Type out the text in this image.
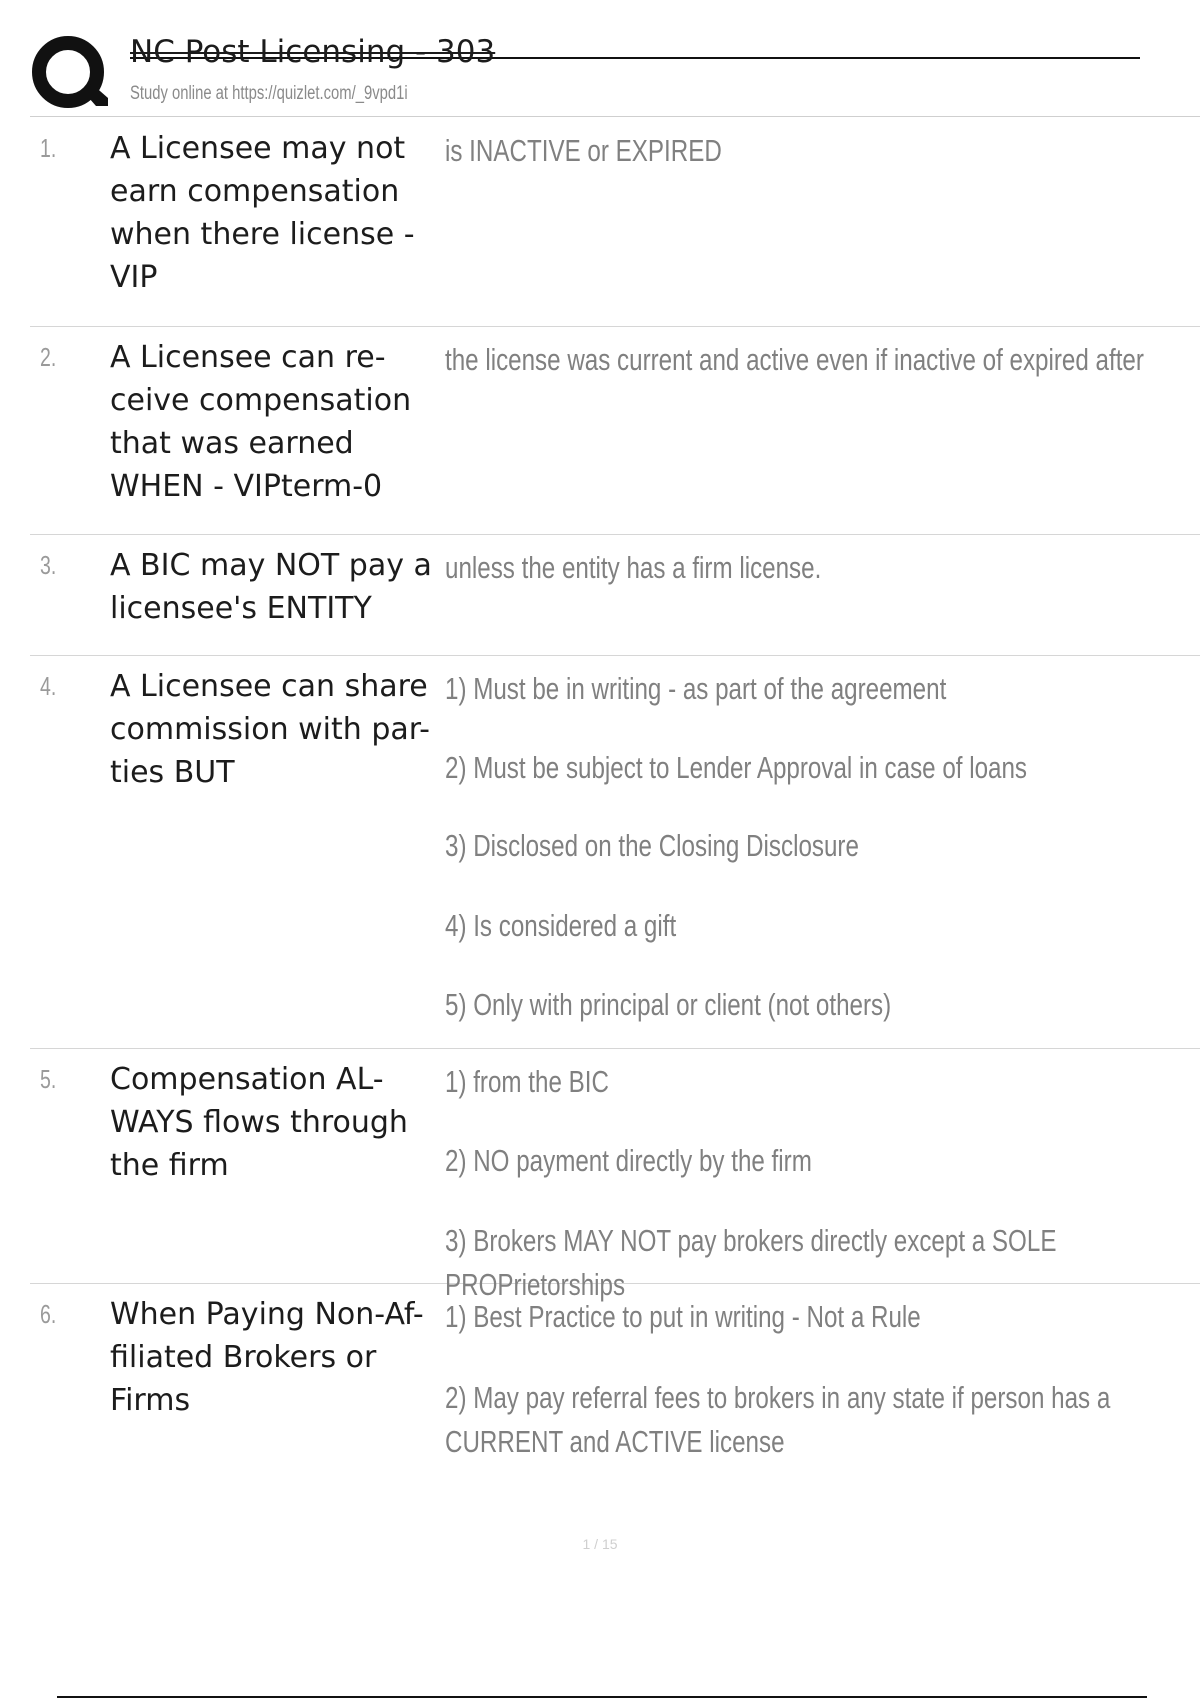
NC Post Licensing - 303
Study online at https://quizlet.com/_9vpd1i
1. A Licensee may not earn compensation when there license - VIP
is INACTIVE or EXPIRED
2. A Licensee can re-ceive compensation that was earned WHEN - VIPterm-0
the license was current and active even if inactive of expired after
3. A BIC may NOT pay a licensee's ENTITY
unless the entity has a firm license.
4. A Licensee can share commission with par-ties BUT
1) Must be in writing - as part of the agreement
2) Must be subject to Lender Approval in case of loans
3) Disclosed on the Closing Disclosure
4) Is considered a gift
5) Only with principal or client (not others)
5. Compensation AL-WAYS flows through the firm
1) from the BIC
2) NO payment directly by the firm
3) Brokers MAY NOT pay brokers directly except a SOLE PROPrietorships
6. When Paying Non-Af-filiated Brokers or Firms
1) Best Practice to put in writing - Not a Rule
2) May pay referral fees to brokers in any state if person has a CURRENT and ACTIVE license
1 / 15
